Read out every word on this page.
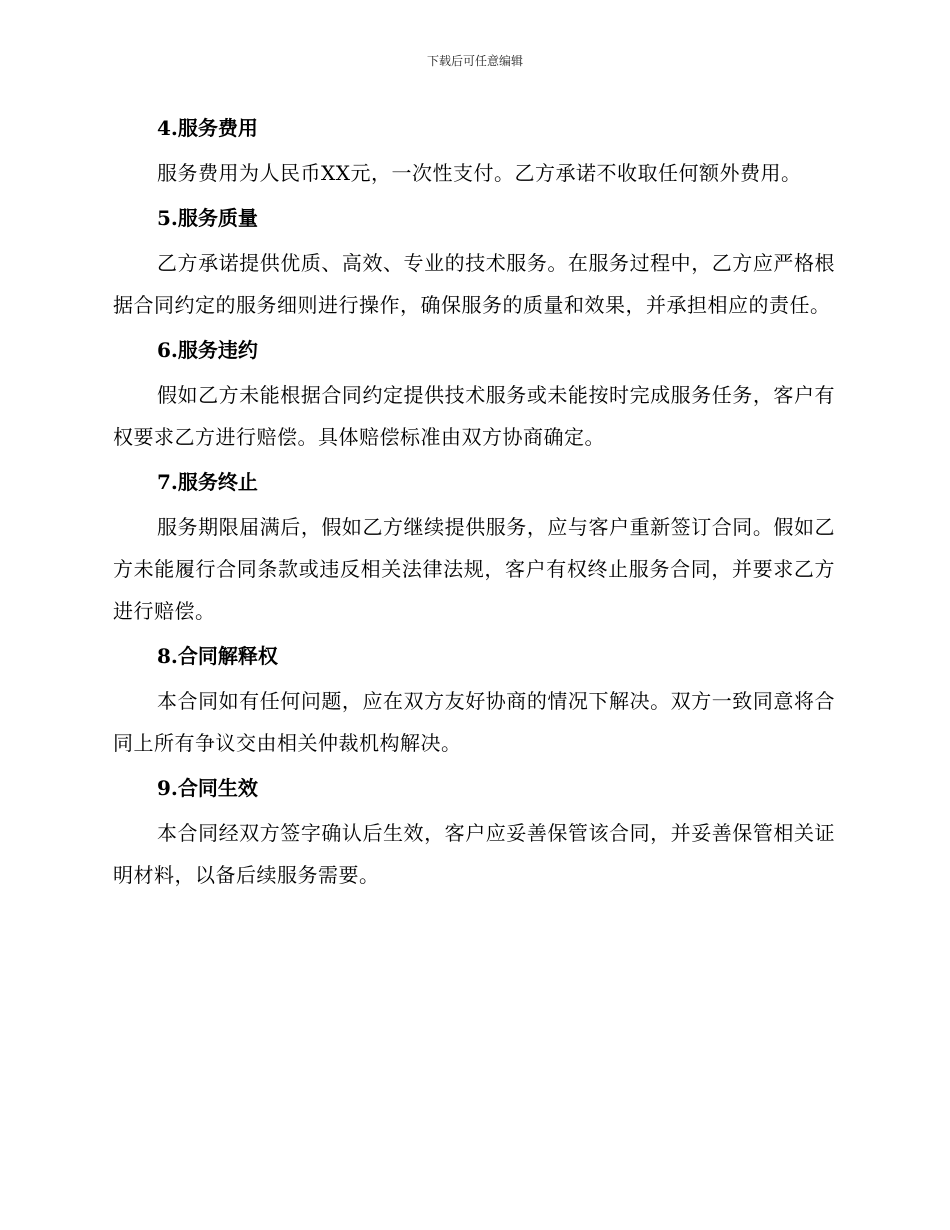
下载后可任意编辑
4.服务费用

服务费用为人民币XX元，一次性支付。乙方承诺不收取任何额外费用。

5.服务质量

乙方承诺提供优质、高效、专业的技术服务。在服务过程中，乙方应严格根据合同约定的服务细则进行操作，确保服务的质量和效果，并承担相应的责任。

6.服务违约

假如乙方未能根据合同约定提供技术服务或未能按时完成服务任务，客户有权要求乙方进行赔偿。具体赔偿标准由双方协商确定。

7.服务终止

服务期限届满后，假如乙方继续提供服务，应与客户重新签订合同。假如乙方未能履行合同条款或违反相关法律法规，客户有权终止服务合同，并要求乙方进行赔偿。

8.合同解释权

本合同如有任何问题，应在双方友好协商的情况下解决。双方一致同意将合同上所有争议交由相关仲裁机构解决。

9.合同生效

本合同经双方签字确认后生效，客户应妥善保管该合同，并妥善保管相关证明材料，以备后续服务需要。
